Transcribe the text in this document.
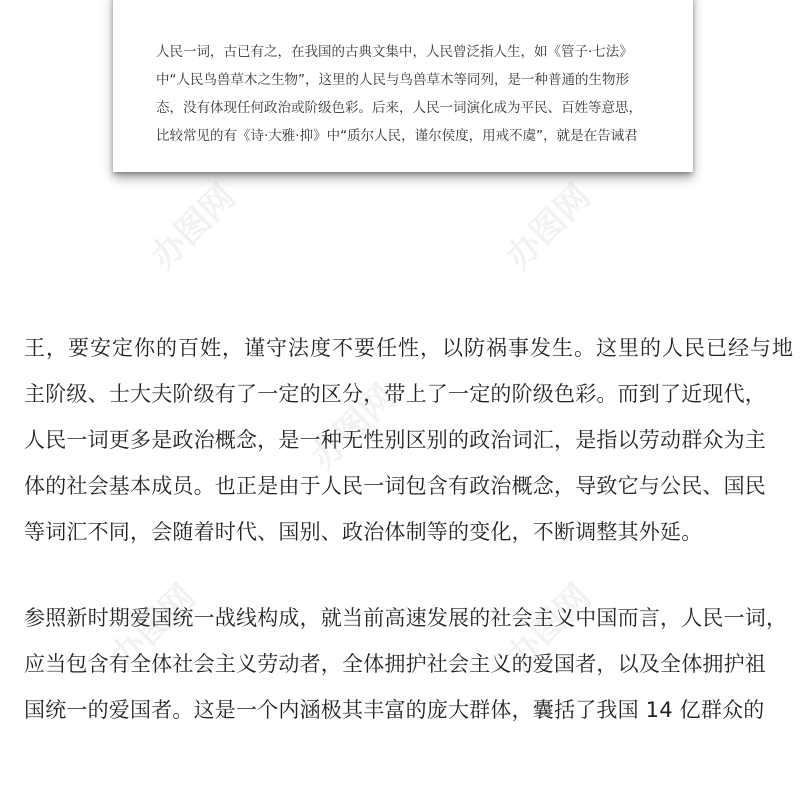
办图网	办图网
办图网
办图网	办图网
人民一词，古已有之，在我国的古典文集中，人民曾泛指人生，如《管子·七法》
中“人民鸟兽草木之生物”，这里的人民与鸟兽草木等同列，是一种普通的生物形
态，没有体现任何政治或阶级色彩。后来，人民一词演化成为平民、百姓等意思，
比较常见的有《诗·大雅·抑》中“质尔人民，谨尔侯度，用戒不虞”，就是在告诫君
王，要安定你的百姓，谨守法度不要任性，以防祸事发生。这里的人民已经与地
主阶级、士大夫阶级有了一定的区分，带上了一定的阶级色彩。而到了近现代，
人民一词更多是政治概念，是一种无性别区别的政治词汇，是指以劳动群众为主
体的社会基本成员。也正是由于人民一词包含有政治概念，导致它与公民、国民
等词汇不同，会随着时代、国别、政治体制等的变化，不断调整其外延。
参照新时期爱国统一战线构成，就当前高速发展的社会主义中国而言，人民一词，
应当包含有全体社会主义劳动者，全体拥护社会主义的爱国者，以及全体拥护祖
国统一的爱国者。这是一个内涵极其丰富的庞大群体，囊括了我国 14 亿群众的
